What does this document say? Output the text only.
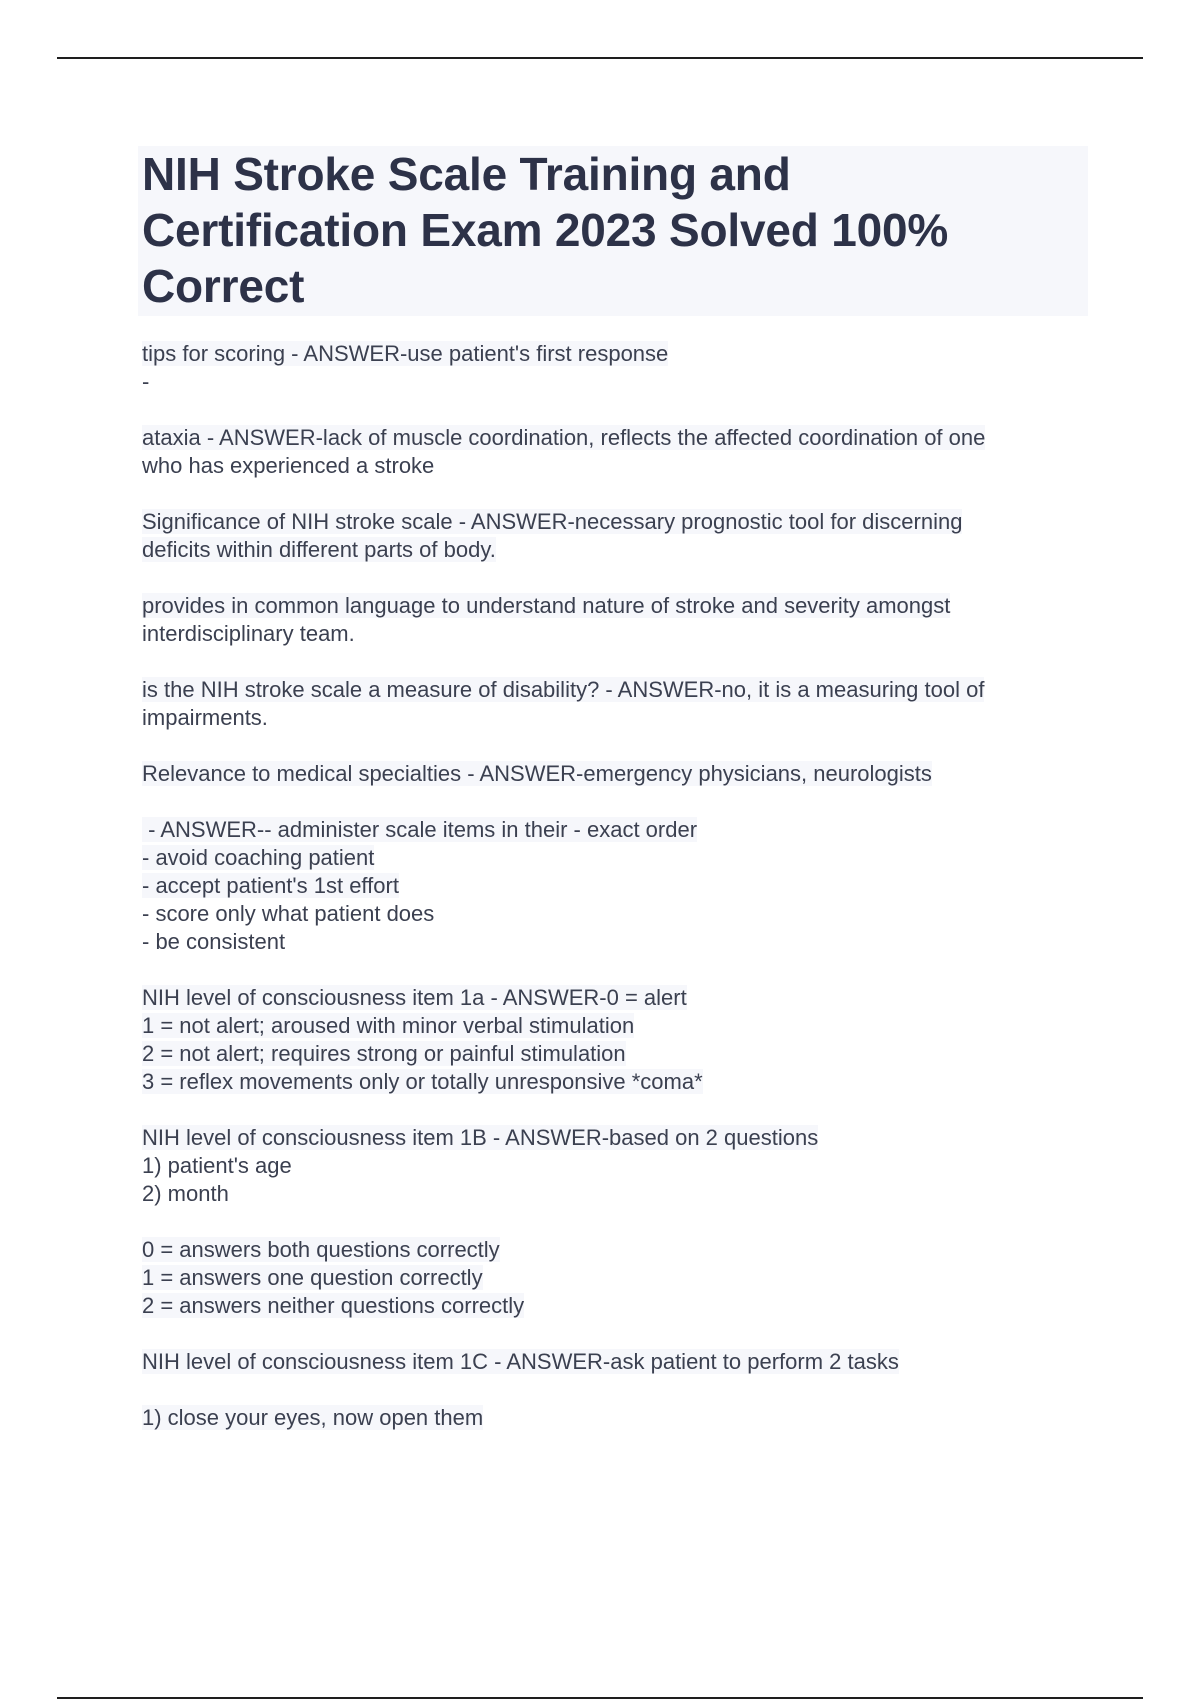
NIH Stroke Scale Training and
Certification Exam 2023 Solved 100%
Correct

tips for scoring - ANSWER-use patient's first response
-

ataxia - ANSWER-lack of muscle coordination, reflects the affected coordination of one
who has experienced a stroke

Significance of NIH stroke scale - ANSWER-necessary prognostic tool for discerning
deficits within different parts of body.

provides in common language to understand nature of stroke and severity amongst
interdisciplinary team.

is the NIH stroke scale a measure of disability? - ANSWER-no, it is a measuring tool of
impairments.

Relevance to medical specialties - ANSWER-emergency physicians, neurologists

- ANSWER-- administer scale items in their - exact order
- avoid coaching patient
- accept patient's 1st effort
- score only what patient does
- be consistent

NIH level of consciousness item 1a - ANSWER-0 = alert
1 = not alert; aroused with minor verbal stimulation
2 = not alert; requires strong or painful stimulation
3 = reflex movements only or totally unresponsive *coma*

NIH level of consciousness item 1B - ANSWER-based on 2 questions
1) patient's age
2) month

0 = answers both questions correctly
1 = answers one question correctly
2 = answers neither questions correctly

NIH level of consciousness item 1C - ANSWER-ask patient to perform 2 tasks

1) close your eyes, now open them
